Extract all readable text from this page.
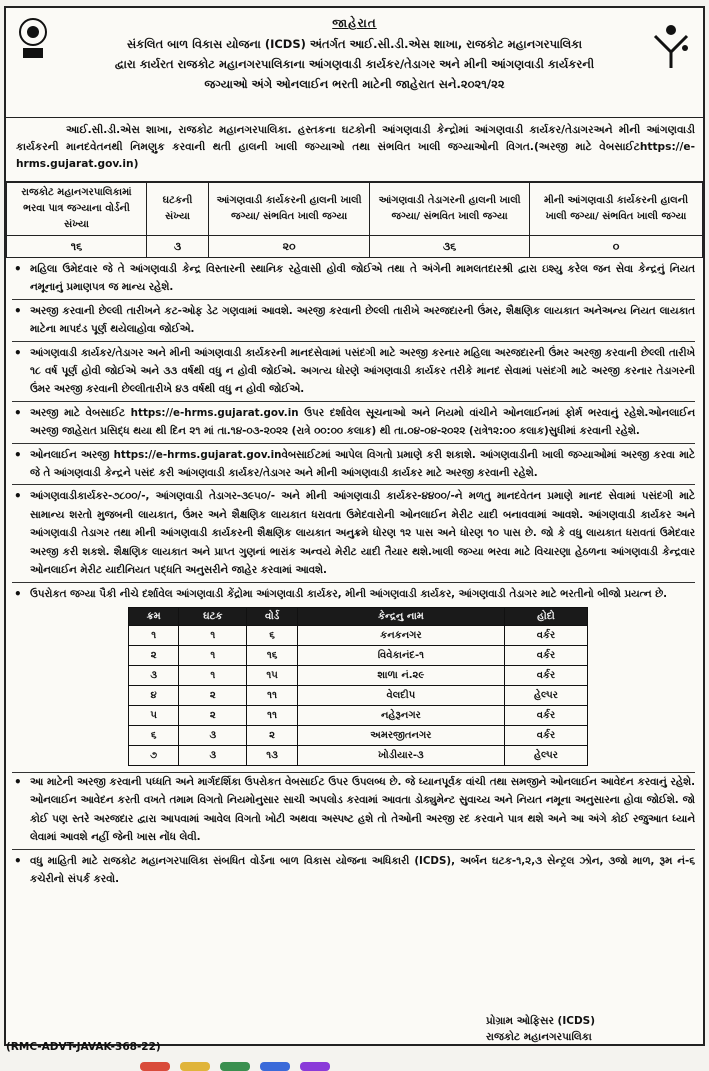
જાહેરાત
સંકલિત બાળ વિકાસ યોજના (ICDS) અંતર્ગત આઈ.સી.ડી.એસ શાખા, રાજકોટ મહાનગરપાલિકા
દ્વારા કાર્યરત રાજકોટ મહાનગરપાલિકાના આંગણવાડી કાર્યકર/તેડાગર અને મીની આંગણવાડી કાર્યકરની
જગ્યાઓ અંગે ઓનલાઈન ભરતી માટેની જાહેરાત સને.૨૦૨૧/૨૨
આઈ.સી.ડી.એસ શાખા, રાજકોટ મહાનગરપાલિકા. હસ્તકના ઘટકોની આંગણવાડી કેન્દ્રોમાં આંગણવાડી કાર્યકર/તેડાગરઅને મીની આંગણવાડી કાર્યકરની માનદવેતનથી નિમણુક કરવાની થતી હાલની ખાલી જગ્યાઓ તથા સંભવિત ખાલી જગ્યાઓની વિગત.(અરજી માટે વેબસાઈટhttps://e-hrms.gujarat.gov.in)
રાજકોટ મહાનગરપાલિકામાં ભરવા પાત્ર જગ્યાના વોર્ડની સંખ્યા	ઘટકની સંખ્યા	આંગણવાડી કાર્યકરની હાલની ખાલી જગ્યા/ સંભવિત ખાલી જગ્યા	આંગણવાડી તેડાગરની હાલની ખાલી જગ્યા/ સંભવિત ખાલી જગ્યા	મીની આંગણવાડી કાર્યકરની હાલની ખાલી જગ્યા/ સંભવિત ખાલી જગ્યા
૧૬	૩	૨૦	૩૬	૦
• મહિલા ઉમેદવાર જે તે આંગણવાડી કેન્દ્ર વિસ્તારની સ્થાનિક રહેવાસી હોવી જોઈએ તથા તે અંગેની મામલતદારશ્રી દ્વારા ઇશ્યુ કરેલ જન સેવા કેન્દ્રનું નિયત નમૂનાનું પ્રમાણપત્ર જ માન્ય રહેશે.
• અરજી કરવાની છેલ્લી તારીખને કટ-ઓફ ડેટ ગણવામાં આવશે. અરજી કરવાની છેલ્લી તારીખે અરજદારની ઉંમર, શૈક્ષણિક લાયકાત અનેઅન્ય નિયત લાયકાત માટેના માપદંડ પૂર્ણ થયેલાહોવા જોઈએ.
• આંગણવાડી કાર્યકર/તેડાગર અને મીની આંગણવાડી કાર્યકરની માનદસેવામાં પસંદગી માટે અરજી કરનાર મહિલા અરજદારની ઉંમર અરજી કરવાની છેલ્લી તારીખે ૧૮ વર્ષ પૂર્ણ હોવી જોઈએ અને ૩૩ વર્ષથી વધુ ન હોવી જોઈએ. અગત્ય ધોરણે આંગણવાડી કાર્યકર તરીકે માનદ સેવામાં પસંદગી માટે અરજી કરનાર તેડાગરની ઉંમર અરજી કરવાની છેલ્લીતારીખે ૪૩ વર્ષથી વધુ ન હોવી જોઈએ.
• અરજી માટે વેબસાઈટ https://e-hrms.gujarat.gov.in ઉપર દર્શાવેલ સૂચનાઓ અને નિયમો વાંચીને ઓનલાઈનમાં ફોર્મ ભરવાનું રહેશે.ઓનલાઈન અરજી જાહેરાત પ્રસિદ્ધ થયા થી દિન ૨૧ માં તા.૧૪-૦૩-૨૦૨૨ (રાત્રે ૦૦:૦૦ કલાક) થી તા.૦૪-૦૪-૨૦૨૨ (રાત્રે૧૨:૦૦ કલાક)સુધીમાં કરવાની રહેશે.
• ઓનલાઈન અરજી https://e-hrms.gujarat.gov.inવેબસાઈટમાં આપેલ વિગતો પ્રમાણે કરી શકાશે. આંગણવાડીની ખાલી જગ્યાઓમાં અરજી કરવા માટે જે તે આંગણવાડી કેન્દ્રને પસંદ કરી આંગણવાડી કાર્યકર/તેડાગર અને મીની આંગણવાડી કાર્યકર માટે અરજી કરવાની રહેશે.
• આંગણવાડીકાર્યકર-૭૮૦૦/-, આંગણવાડી તેડાગર-૩૯૫૦/- અને મીની આંગણવાડી કાર્યકર-૪૪૦૦/-ને મળતુ માનદવેતન પ્રમાણે માનદ સેવામાં પસંદગી માટે સામાન્ય શરતો મુજબની લાયકાત, ઉંમર અને શૈક્ષણિક લાયકાત ધરાવતા ઉમેદવારોની ઓનલાઈન મેરીટ યાદી બનાવવામાં આવશે. આંગણવાડી કાર્યકર અને આંગણવાડી તેડાગર તથા મીની આંગણવાડી કાર્યકરની શૈક્ષણિક લાયકાત અનુક્રમે ધોરણ ૧૨ પાસ અને ધોરણ ૧૦ પાસ છે. જો કે વધુ લાયકાત ધરાવતાં ઉમેદવાર અરજી કરી શકશે. શૈક્ષણિક લાયકાત અને પ્રાપ્ત ગુણનાં ભારાંક અન્વયે મેરીટ યાદી તૈયાર થશે.ખાલી જગ્યા ભરવા માટે વિચારણા હેઠળના આંગણવાડી કેન્દ્રવાર ઓનલાઈન મેરીટ યાદીનિયત પદ્ધતિ અનુસરીને જાહેર કરવામાં આવશે.
• ઉપરોકત જગ્યા પૈકી નીચે દર્શાવેલ આંગણવાડી કેંદ્રોમા આંગણવાડી કાર્યકર, મીની આંગણવાડી કાર્યકર, આંગણવાડી તેડાગર માટે ભરતીનો બીજો પ્રયત્ન છે.
ક્રમ	ઘટક	વોર્ડ	કેન્દ્રનુ નામ	હોદો
૧	૧	૬	કનકનગર	વર્કર
૨	૧	૧૬	વિવેકાનંદ-૧	વર્કર
૩	૧	૧૫	શાળા નં.૨૯	વર્કર
૪	૨	૧૧	વેલદીપ	હેલ્પર
૫	૨	૧૧	નહેરૂનગર	વર્કર
૬	૩	૨	અમરજીતનગર	વર્કર
૭	૩	૧૩	ખોડીયાર-૩	હેલ્પર
• આ માટેની અરજી કરવાની પધ્ધતિ અને માર્ગદર્શિકા ઉપરોકત વેબસાઈટ ઉપર ઉપલબ્ધ છે. જે ધ્યાનપૂર્વક વાંચી તથા સમજીને ઓનલાઈન આવેદન કરવાનું રહેશે. ઓનલાઈન આવેદન કરતી વખતે તમામ વિગતો નિયમોનુસાર સાચી અપલોડ કરવામાં આવતા ડોક્યુમેન્ટ સુવાચ્ય અને નિયત નમૂના અનુસારના હોવા જોઈશે. જો કોઈ પણ સ્તરે અરજદાર દ્વારા આપવામાં આવેલ વિગતો ખોટી અથવા અસ્પષ્ટ હશે તો તેઓની અરજી રદ કરવાને પાત્ર થશે અને આ અંગે કોઈ રજુઆત ધ્યાને લેવામાં આવશે નહીં જેની ખાસ નોંધ લેવી.
• વધુ માહિતી માટે રાજકોટ મહાનગરપાલિકા સંબધિત વોર્ડના બાળ વિકાસ યોજના અધિકારી (ICDS), અર્બન ઘટક-૧,૨,૩ સેન્ટ્રલ ઝોન, ૩જો માળ, રૂમ નં-૬ કચેરીનો સંપર્ક કરવો.
પ્રોગ્રામ ઓફિસર (ICDS)
રાજકોટ મહાનગરપાલિકા
(RMC-ADVT-JAVAK-368-22)
